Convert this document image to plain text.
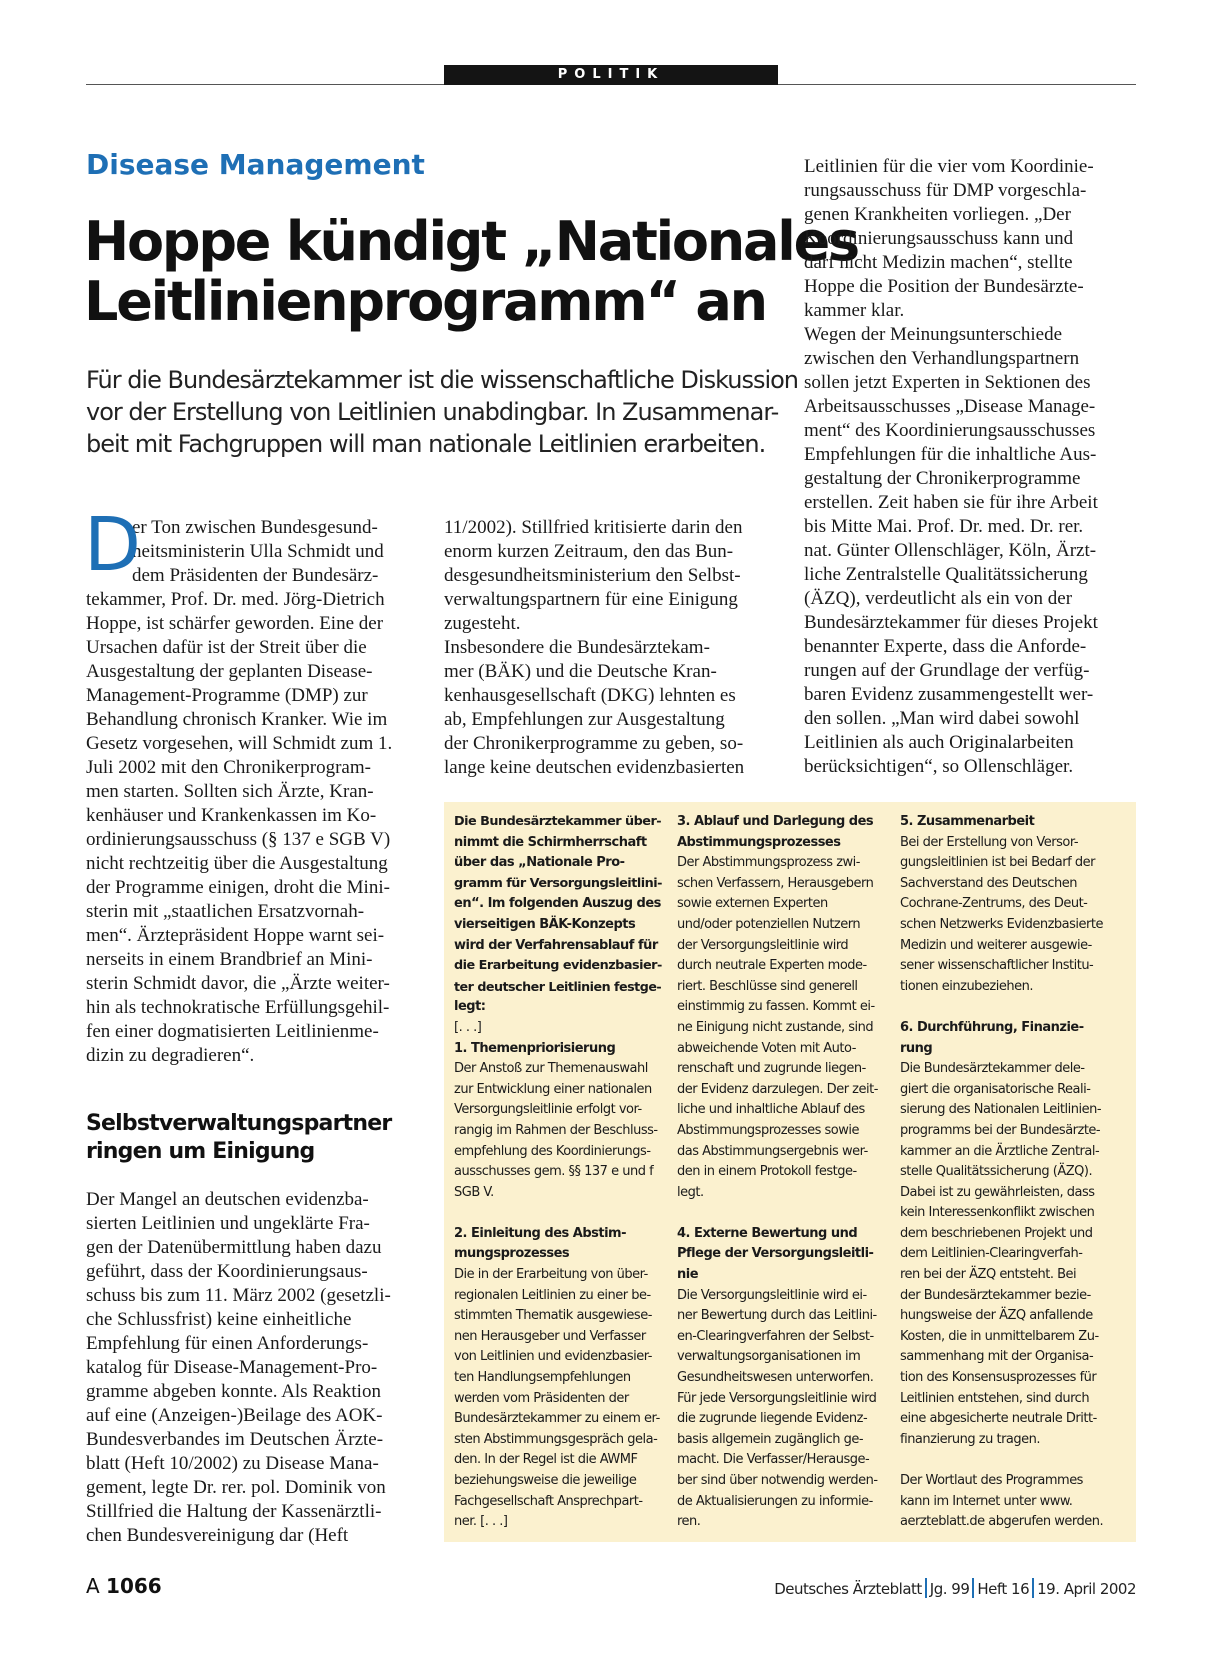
POLITIK
Disease Management
Hoppe kündigt „Nationales
Leitlinienprogramm“ an

Für die Bundesärztekammer ist die wissenschaftliche Diskussion
vor der Erstellung von Leitlinien unabdingbar. In Zusammenar-
beit mit Fachgruppen will man nationale Leitlinien erarbeiten.

D
er Ton zwischen Bundesgesund-
heitsministerin Ulla Schmidt und
dem Präsidenten der Bundesärz-
tekammer, Prof. Dr. med. Jörg-Dietrich
Hoppe, ist schärfer geworden. Eine der
Ursachen dafür ist der Streit über die
Ausgestaltung der geplanten Disease-
Management-Programme (DMP) zur
Behandlung chronisch Kranker. Wie im
Gesetz vorgesehen, will Schmidt zum 1.
Juli 2002 mit den Chronikerprogram-
men starten. Sollten sich Ärzte, Kran-
kenhäuser und Krankenkassen im Ko-
ordinierungsausschuss (§ 137 e SGB V)
nicht rechtzeitig über die Ausgestaltung
der Programme einigen, droht die Mini-
sterin mit „staatlichen Ersatzvornah-
men“. Ärztepräsident Hoppe warnt sei-
nerseits in einem Brandbrief an Mini-
sterin Schmidt davor, die „Ärzte weiter-
hin als technokratische Erfüllungsgehil-
fen einer dogmatisierten Leitlinienme-
dizin zu degradieren“.
Selbstverwaltungspartner
ringen um Einigung
Der Mangel an deutschen evidenzba-
sierten Leitlinien und ungeklärte Fra-
gen der Datenübermittlung haben dazu
geführt, dass der Koordinierungsaus-
schuss bis zum 11. März 2002 (gesetzli-
che Schlussfrist) keine einheitliche
Empfehlung für einen Anforderungs-
katalog für Disease-Management-Pro-
gramme abgeben konnte. Als Reaktion
auf eine (Anzeigen-)Beilage des AOK-
Bundesverbandes im Deutschen Ärzte-
blatt (Heft 10/2002) zu Disease Mana-
gement, legte Dr. rer. pol. Dominik von
Stillfried die Haltung der Kassenärztli-
chen Bundesvereinigung dar (Heft
11/2002). Stillfried kritisierte darin den
enorm kurzen Zeitraum, den das Bun-
desgesundheitsministerium den Selbst-
verwaltungspartnern für eine Einigung
zugesteht.
Insbesondere die Bundesärztekam-
mer (BÄK) und die Deutsche Kran-
kenhausgesellschaft (DKG) lehnten es
ab, Empfehlungen zur Ausgestaltung
der Chronikerprogramme zu geben, so-
lange keine deutschen evidenzbasierten
Leitlinien für die vier vom Koordinie-
rungsausschuss für DMP vorgeschla-
genen Krankheiten vorliegen. „Der
Koordinierungsausschuss kann und
darf nicht Medizin machen“, stellte
Hoppe die Position der Bundesärzte-
kammer klar.
Wegen der Meinungsunterschiede
zwischen den Verhandlungspartnern
sollen jetzt Experten in Sektionen des
Arbeitsausschusses „Disease Manage-
ment“ des Koordinierungsausschusses
Empfehlungen für die inhaltliche Aus-
gestaltung der Chronikerprogramme
erstellen. Zeit haben sie für ihre Arbeit
bis Mitte Mai. Prof. Dr. med. Dr. rer.
nat. Günter Ollenschläger, Köln, Ärzt-
liche Zentralstelle Qualitätssicherung
(ÄZQ), verdeutlicht als ein von der
Bundesärztekammer für dieses Projekt
benannter Experte, dass die Anforde-
rungen auf der Grundlage der verfüg-
baren Evidenz zusammengestellt wer-
den sollen. „Man wird dabei sowohl
Leitlinien als auch Originalarbeiten
berücksichtigen“, so Ollenschläger.
Die Bundesärztekammer über-
nimmt die Schirmherrschaft
über das „Nationale Pro-
gramm für Versorgungsleitlini-
en“. Im folgenden Auszug des
vierseitigen BÄK-Konzepts
wird der Verfahrensablauf für
die Erarbeitung evidenzbasier-
ter deutscher Leitlinien festge-
legt:
[. . .]
1. Themenpriorisierung
Der Anstoß zur Themenauswahl
zur Entwicklung einer nationalen
Versorgungsleitlinie erfolgt vor-
rangig im Rahmen der Beschluss-
empfehlung des Koordinierungs-
ausschusses gem. §§ 137 e und f
SGB V.
2. Einleitung des Abstim-
mungsprozesses
Die in der Erarbeitung von über-
regionalen Leitlinien zu einer be-
stimmten Thematik ausgewiese-
nen Herausgeber und Verfasser
von Leitlinien und evidenzbasier-
ten Handlungsempfehlungen
werden vom Präsidenten der
Bundesärztekammer zu einem er-
sten Abstimmungsgespräch gela-
den. In der Regel ist die AWMF
beziehungsweise die jeweilige
Fachgesellschaft Ansprechpart-
ner. [. . .]
3. Ablauf und Darlegung des
Abstimmungsprozesses
Der Abstimmungsprozess zwi-
schen Verfassern, Herausgebern
sowie externen Experten
und/oder potenziellen Nutzern
der Versorgungsleitlinie wird
durch neutrale Experten mode-
riert. Beschlüsse sind generell
einstimmig zu fassen. Kommt ei-
ne Einigung nicht zustande, sind
abweichende Voten mit Auto-
renschaft und zugrunde liegen-
der Evidenz darzulegen. Der zeit-
liche und inhaltliche Ablauf des
Abstimmungsprozesses sowie
das Abstimmungsergebnis wer-
den in einem Protokoll festge-
legt.
4. Externe Bewertung und
Pflege der Versorgungsleitli-
nie
Die Versorgungsleitlinie wird ei-
ner Bewertung durch das Leitlini-
en-Clearingverfahren der Selbst-
verwaltungsorganisationen im
Gesundheitswesen unterworfen.
Für jede Versorgungsleitlinie wird
die zugrunde liegende Evidenz-
basis allgemein zugänglich ge-
macht. Die Verfasser/Herausge-
ber sind über notwendig werden-
de Aktualisierungen zu informie-
ren.
5. Zusammenarbeit
Bei der Erstellung von Versor-
gungsleitlinien ist bei Bedarf der
Sachverstand des Deutschen
Cochrane-Zentrums, des Deut-
schen Netzwerks Evidenzbasierte
Medizin und weiterer ausgewie-
sener wissenschaftlicher Institu-
tionen einzubeziehen.
6. Durchführung, Finanzie-
rung
Die Bundesärztekammer dele-
giert die organisatorische Reali-
sierung des Nationalen Leitlinien-
programms bei der Bundesärzte-
kammer an die Ärztliche Zentral-
stelle Qualitätssicherung (ÄZQ).
Dabei ist zu gewährleisten, dass
kein Interessenkonflikt zwischen
dem beschriebenen Projekt und
dem Leitlinien-Clearingverfah-
ren bei der ÄZQ entsteht. Bei
der Bundesärztekammer bezie-
hungsweise der ÄZQ anfallende
Kosten, die in unmittelbarem Zu-
sammenhang mit der Organisa-
tion des Konsensusprozesses für
Leitlinien entstehen, sind durch
eine abgesicherte neutrale Dritt-
finanzierung zu tragen.
Der Wortlaut des Programmes
kann im Internet unter www.
aerzteblatt.de abgerufen werden.
A 1066	Deutsches Ärzteblatt Jg. 99 Heft 16 19. April 2002
